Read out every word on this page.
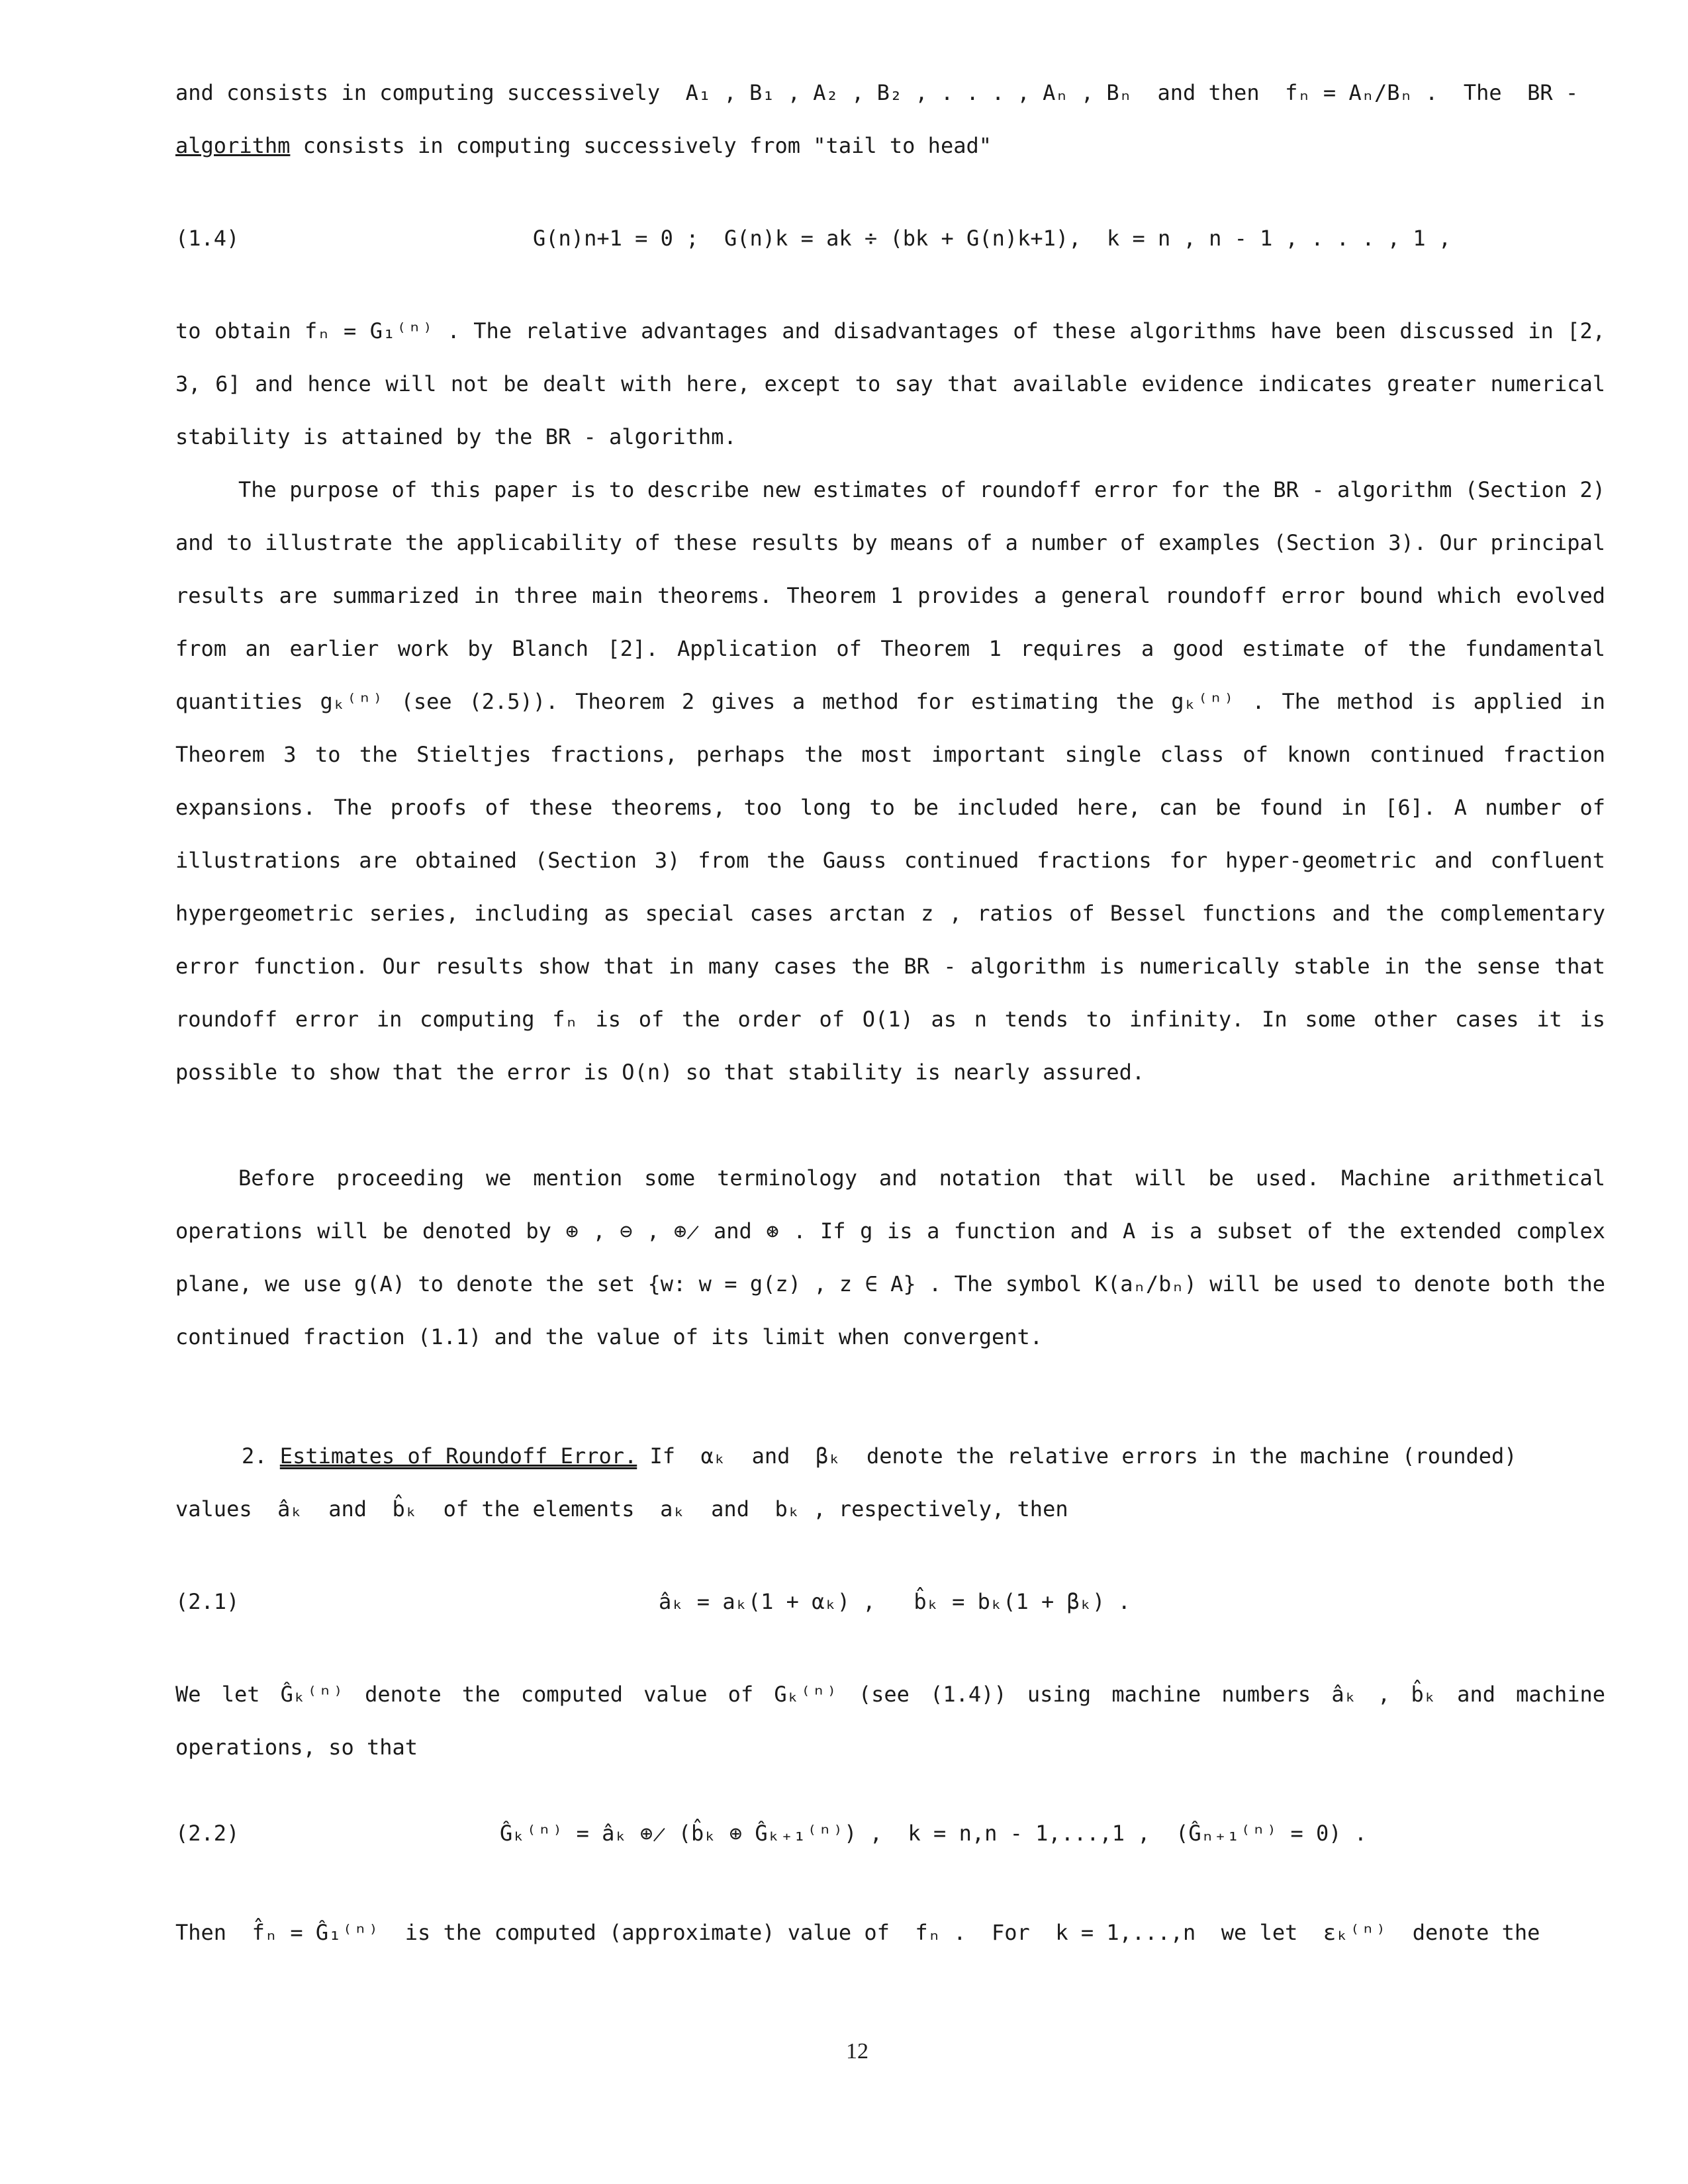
and consists in computing successively  A₁ , B₁ , A₂ , B₂ , . . . , Aₙ , Bₙ  and then  fₙ = Aₙ/Bₙ .  The  BR -
algorithm consists in computing successively from "tail to head"
(1.4)	G(n)n+1 = 0 ;  G(n)k = ak ÷ (bk + G(n)k+1),  k = n , n - 1 , . . . , 1 ,
to obtain fₙ = G₁⁽ⁿ⁾ . The relative advantages and disadvantages of these algorithms have been discussed in [2, 3, 6] and hence will not be dealt with here, except to say that available evidence indicates greater numerical stability is attained by the BR - algorithm.
The purpose of this paper is to describe new estimates of roundoff error for the BR - algorithm (Section 2) and to illustrate the applicability of these results by means of a number of examples (Section 3). Our principal results are summarized in three main theorems. Theorem 1 provides a general roundoff error bound which evolved from an earlier work by Blanch [2]. Application of Theorem 1 requires a good estimate of the fundamental quantities gₖ⁽ⁿ⁾ (see (2.5)). Theorem 2 gives a method for estimating the gₖ⁽ⁿ⁾ . The method is applied in Theorem 3 to the Stieltjes fractions, perhaps the most important single class of known continued fraction expansions. The proofs of these theorems, too long to be included here, can be found in [6]. A number of illustrations are obtained (Section 3) from the Gauss continued fractions for hyper-geometric and confluent hypergeometric series, including as special cases arctan z , ratios of Bessel functions and the complementary error function. Our results show that in many cases the BR - algorithm is numerically stable in the sense that roundoff error in computing fₙ is of the order of O(1) as n tends to infinity. In some other cases it is possible to show that the error is O(n) so that stability is nearly assured.
Before proceeding we mention some terminology and notation that will be used. Machine arithmetical operations will be denoted by ⊕ , ⊖ , ⊕̷ and ⊛ . If g is a function and A is a subset of the extended complex plane, we use g(A) to denote the set {w: w = g(z) , z ∈ A} . The symbol K(aₙ/bₙ) will be used to denote both the continued fraction (1.1) and the value of its limit when convergent.
2. Estimates of Roundoff Error. If  αₖ  and  βₖ  denote the relative errors in the machine (rounded)
values  âₖ  and  b̂ₖ  of the elements  aₖ  and  bₖ , respectively, then
(2.1)	âₖ = aₖ(1 + αₖ) ,   b̂ₖ = bₖ(1 + βₖ) .
We let Ĝₖ⁽ⁿ⁾ denote the computed value of Gₖ⁽ⁿ⁾ (see (1.4)) using machine numbers âₖ , b̂ₖ and machine operations, so that
(2.2)	Ĝₖ⁽ⁿ⁾ = âₖ ⊕̷ (b̂ₖ ⊕ Ĝₖ₊₁⁽ⁿ⁾) ,  k = n,n - 1,...,1 ,  (Ĝₙ₊₁⁽ⁿ⁾ = 0) .
Then  f̂ₙ = Ĝ₁⁽ⁿ⁾  is the computed (approximate) value of  fₙ .  For  k = 1,...,n  we let  εₖ⁽ⁿ⁾  denote the
12
